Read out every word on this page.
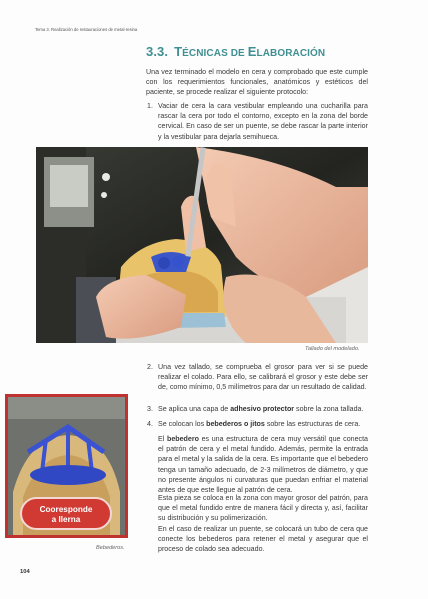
Tema 3. Realización de restauraciones de metal-resina
3.3. TÉCNICAS DE ELABORACIÓN

Una vez terminado el modelo en cera y comprobado que este cumple con los requerimientos funcionales, anatómicos y estéticos del paciente, se procede realizar el siguiente protocolo:

1. Vaciar de cera la cara vestibular empleando una cucharilla para rascar la cera por todo el contorno, excepto en la zona del borde cervical. En caso de ser un puente, se debe rascar la parte interior y la vestibular para dejarla semihueca.
Tallado del modelado.
2. Una vez tallado, se comprueba el grosor para ver si se puede realizar el colado. Para ello, se calibrará el grosor y este debe ser de, como mínimo, 0,5 milímetros para dar un resultado de calidad.
3. Se aplica una capa de adhesivo protector sobre la zona tallada.
4. Se colocan los bebederos o jitos sobre las estructuras de cera.

El bebedero es una estructura de cera muy versátil que conecta el patrón de cera y el metal fundido. Además, permite la entrada para el metal y la salida de la cera. Es importante que el bebedero tenga un tamaño adecuado, de 2-3 milímetros de diámetro, y que no presente ángulos ni curvaturas que puedan enfriar el material antes de que este llegue al patrón de cera.

Esta pieza se coloca en la zona con mayor grosor del patrón, para que el metal fundido entre de manera fácil y directa y, así, facilitar su distribución y su polimerización.

En el caso de realizar un puente, se colocará un tubo de cera que conecte los bebederos para retener el metal y asegurar que el proceso de colado sea adecuado.

Cooresponde
a Ilerna
Bebederos.
104
